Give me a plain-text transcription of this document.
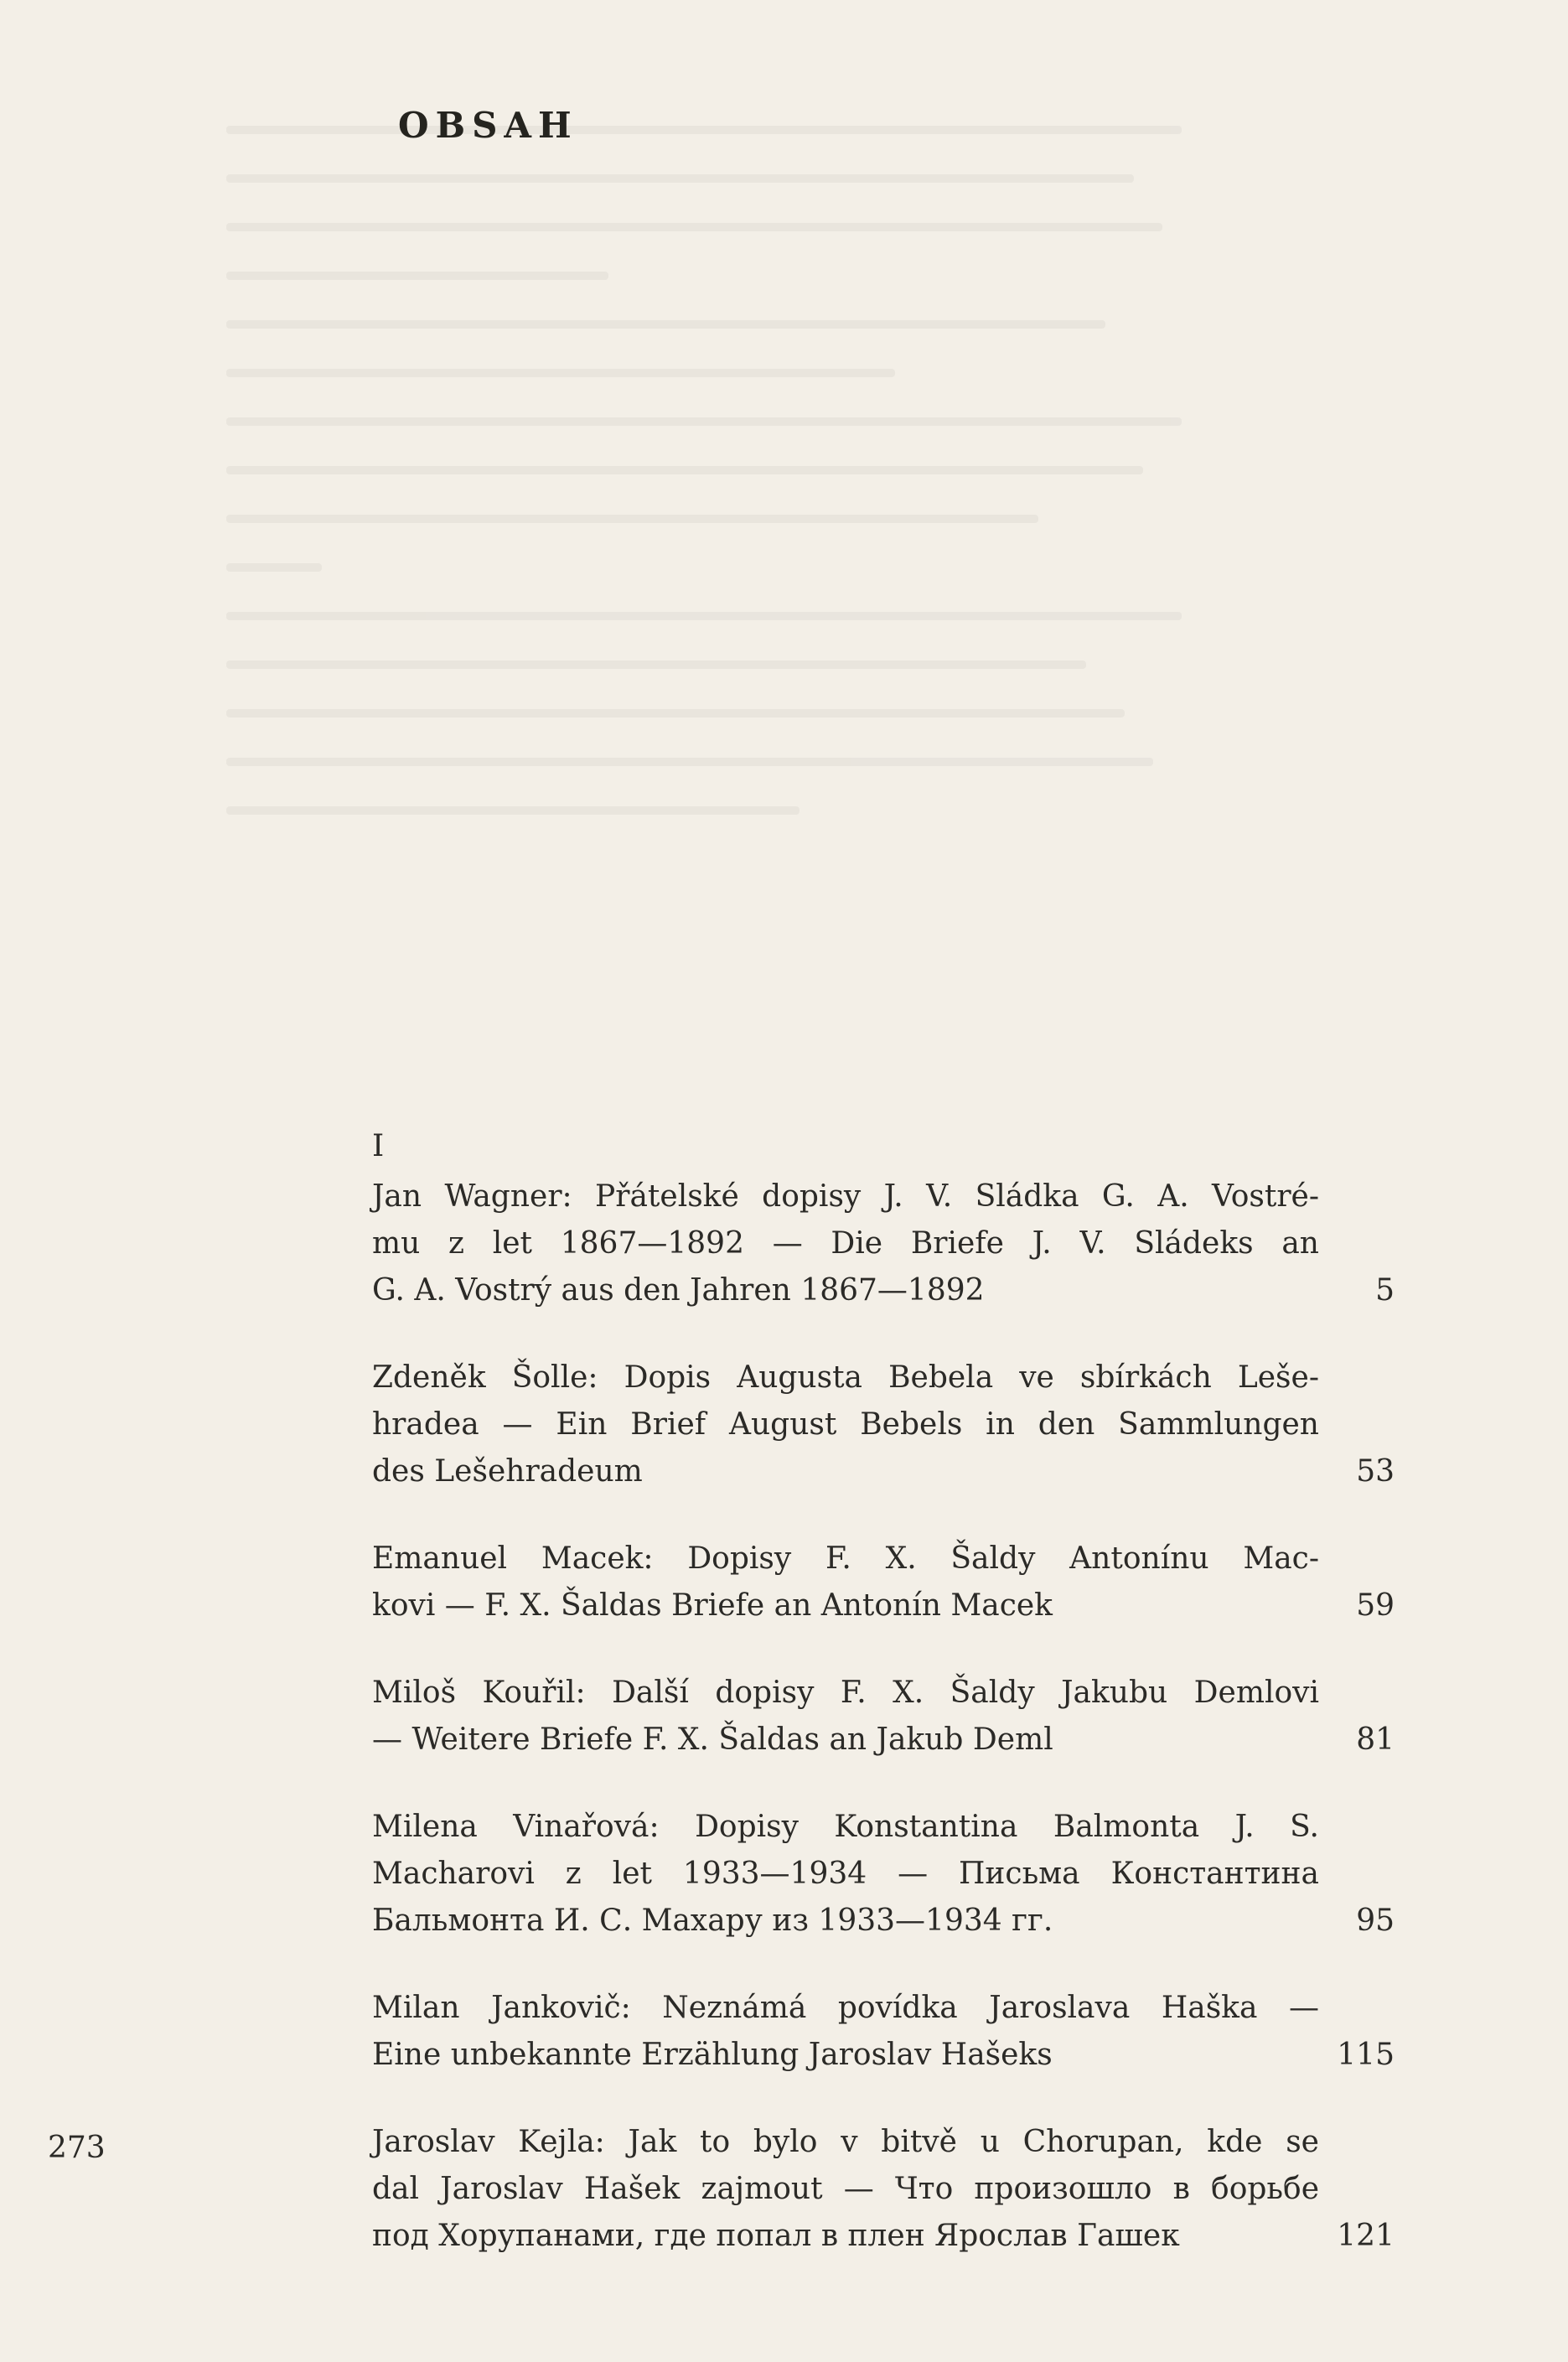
OBSAH
I
Jan Wagner: Přátelské dopisy J. V. Sládka G. A. Vostré-
mu z let 1867—1892 — Die Briefe J. V. Sládeks an
G. A. Vostrý aus den Jahren 1867—1892	5
Zdeněk Šolle: Dopis Augusta Bebela ve sbírkách Leše-
hradea — Ein Brief August Bebels in den Sammlungen
des Lešehradeum	53
Emanuel Macek: Dopisy F. X. Šaldy Antonínu Mac-
kovi — F. X. Šaldas Briefe an Antonín Macek	59
Miloš Kouřil: Další dopisy F. X. Šaldy Jakubu Demlovi
— Weitere Briefe F. X. Šaldas an Jakub Deml	81
Milena Vinařová: Dopisy Konstantina Balmonta J. S.
Macharovi z let 1933—1934 — Письма Константина
Бальмонта И. С. Махару из 1933—1934 гг.	95
Milan Jankovič: Neznámá povídka Jaroslava Haška —
Eine unbekannte Erzählung Jaroslav Hašeks	115
Jaroslav Kejla: Jak to bylo v bitvě u Chorupan, kde se
dal Jaroslav Hašek zajmout — Что произошло в борьбе
под Хорупанами, где попал в плен Ярослав Гашек	121
273
